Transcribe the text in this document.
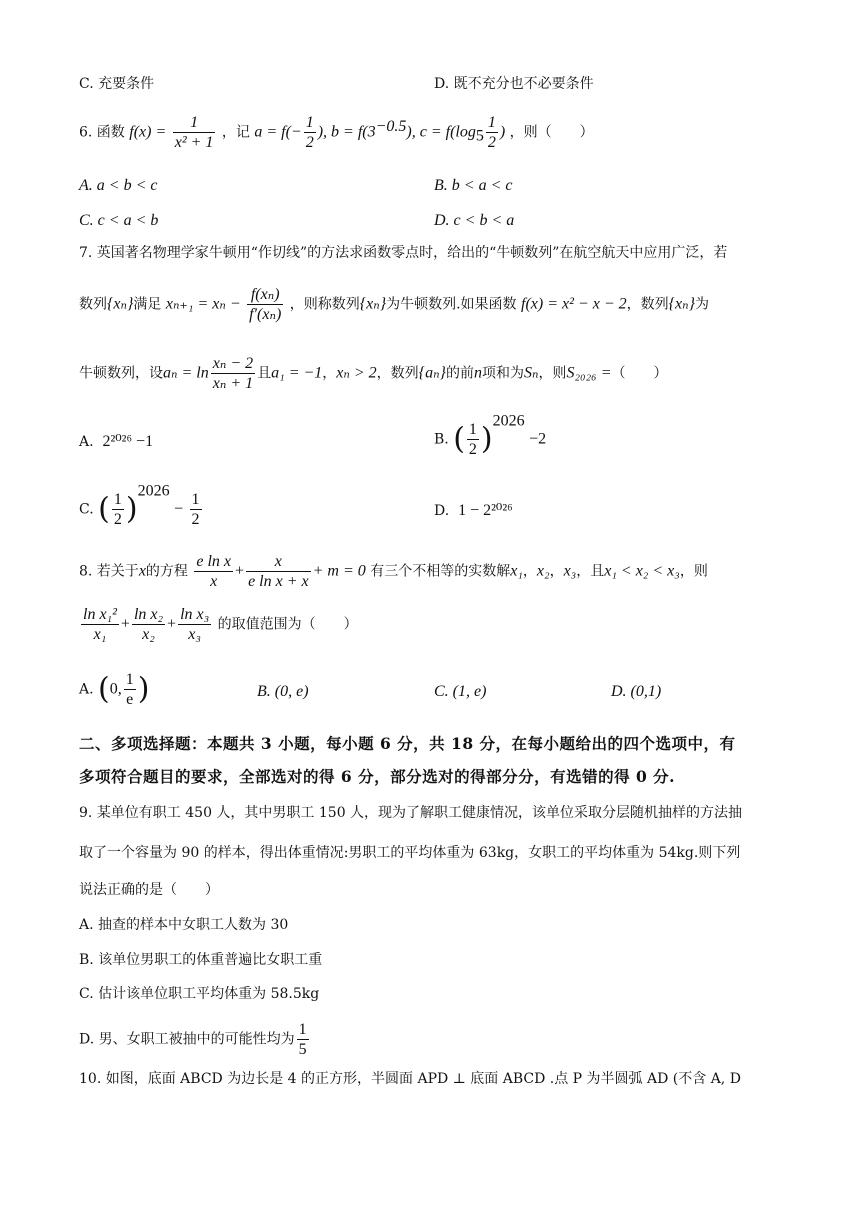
C. 充要条件	D. 既不充分也不必要条件
6. 函数 $f(x) = \frac{1}{\text{x² + 1}}$ ，记 $a = f(- \frac{1}{2}$ ), $b = f(3^{-0.5})$, $c = f(\log_5 \frac{1}{2}$ ) ，则（　　）
A. a < b < c	B. b < a < c
C. c < a < b	D. c < b < a
7. 英国著名物理学家牛顿用“作切线”的方法求函数零点时，给出的“牛顿数列”在航空航天中应用广泛，若
数列{xₙ}满足 $x_{n+1} = x_n - \frac{\text{f(xₙ)}}{\text{f′(xₙ)}}$ ，则称数列{xₙ}为牛顿数列.如果函数 f(x) = x² − x − 2，数列{xₙ}为
牛顿数列，设$a_n = \ln \frac{\text{xₙ − 2}}{\text{xₙ + 1}}$ 且a₁ = −1，xₙ > 2，数列{aₙ}的前n项和为Sₙ，则S₂₀₂₆ =（　　）
A. 2²⁰²⁶ −1	B. ( $\frac{1}{2} )^{2026} -2$
C. ( $\frac{1}{2} )^{2026} - \frac{1}{2}$	D. 1 − 2²⁰²⁶
8. 若关于x的方程 $\frac{\text{e ln x}}{x} + \frac{x}{\text{e ln x + x}} + m = 0$ 有三个不相等的实数解x₁，x₂，x₃，且x₁ < x₂ < x₃，则
$\frac{\text{ln x₁²}}{\text{x₁}} + \frac{\text{ln x₂}}{\text{x₂}} + \frac{\text{ln x₃}}{\text{x₃}}$ 的取值范围为（　　）
A. (0, $\frac{1}{e}$ )	B. (0, e)	C. (1, e)	D. (0,1)
二、多项选择题：本题共 3 小题，每小题 6 分，共 18 分，在每小题给出的四个选项中，有
多项符合题目的要求，全部选对的得 6 分，部分选对的得部分分，有选错的得 0 分.
9. 某单位有职工 450 人，其中男职工 150 人，现为了解职工健康情况，该单位采取分层随机抽样的方法抽
取了一个容量为 90 的样本，得出体重情况:男职工的平均体重为 63kg，女职工的平均体重为 54kg.则下列
说法正确的是（　　）
A. 抽查的样本中女职工人数为 30
B. 该单位男职工的体重普遍比女职工重
C. 估计该单位职工平均体重为 58.5kg
D. 男、女职工被抽中的可能性均为 $\frac{1}{5}$
10. 如图，底面 ABCD 为边长是 4 的正方形，半圆面 APD ⊥ 底面 ABCD .点 P 为半圆弧 AD (不含 A, D
